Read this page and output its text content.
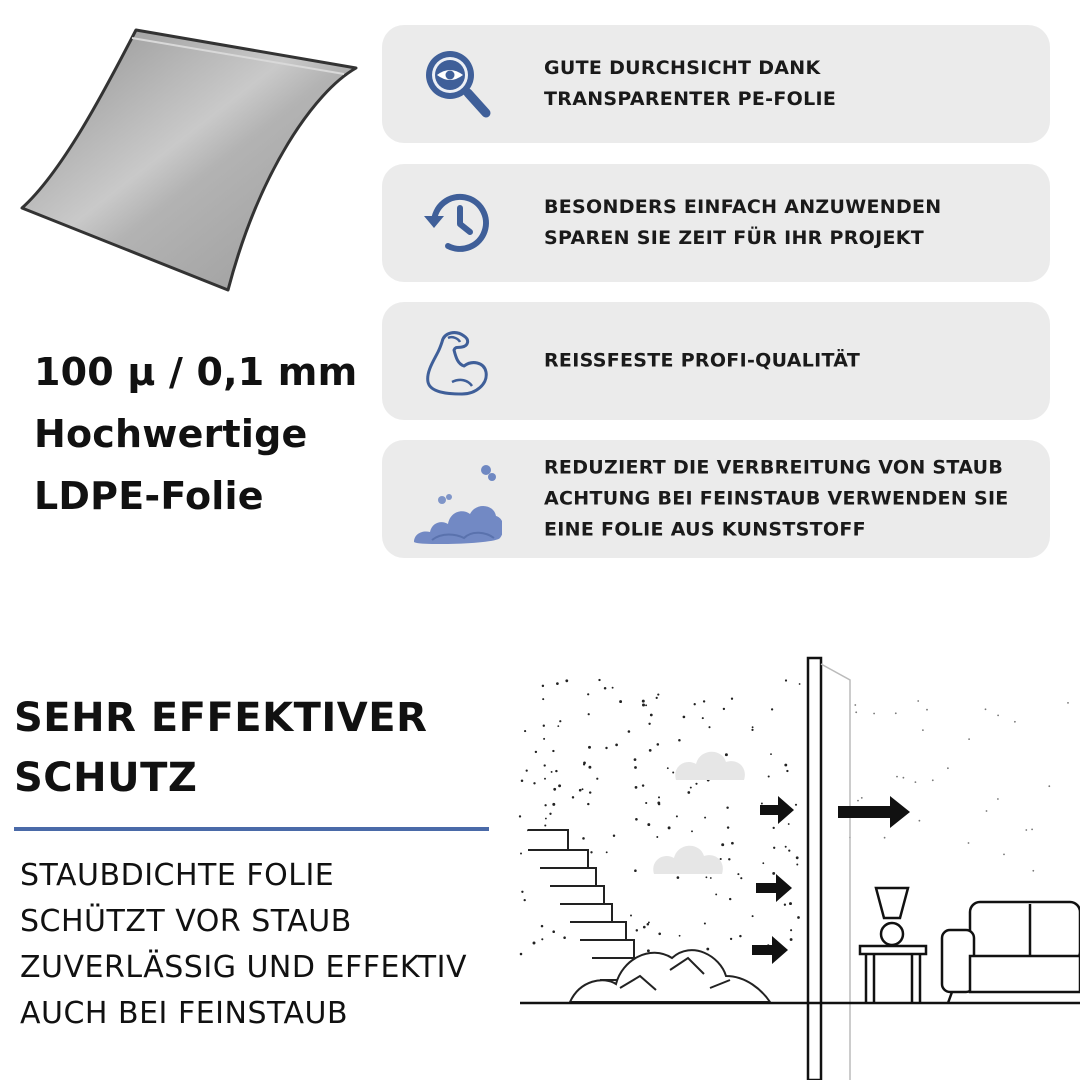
100 µ / 0,1 mm
Hochwertige
LDPE-Folie
GUTE DURCHSICHT DANK
TRANSPARENTER PE-FOLIE
BESONDERS EINFACH ANZUWENDEN
SPAREN SIE ZEIT FÜR IHR PROJEKT
REISSFESTE PROFI-QUALITÄT
REDUZIERT DIE VERBREITUNG VON STAUB
ACHTUNG BEI FEINSTAUB VERWENDEN SIE
EINE FOLIE AUS KUNSTSTOFF
SEHR EFFEKTIVER
SCHUTZ
STAUBDICHTE FOLIE
SCHÜTZT VOR STAUB
ZUVERLÄSSIG UND EFFEKTIV
AUCH BEI FEINSTAUB
